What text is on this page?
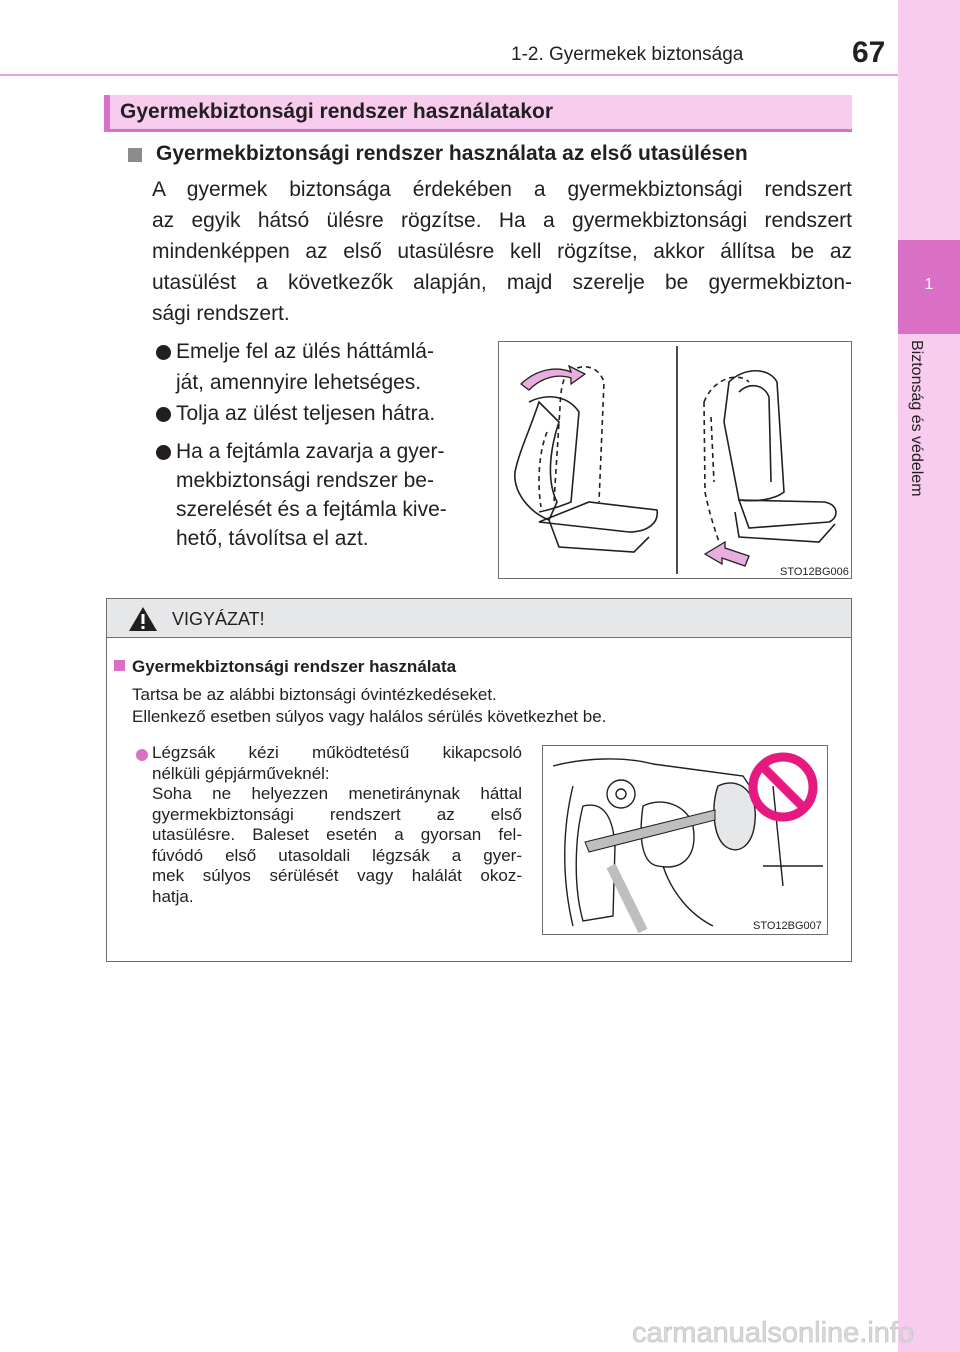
1-2. Gyermekek biztonsága	67
1
Biztonság és védelem
Gyermekbiztonsági rendszer használatakor
Gyermekbiztonsági rendszer használata az első utasülésen
A gyermek biztonsága érdekében a gyermekbiztonsági rendszert
az egyik hátsó ülésre rögzítse. Ha a gyermekbiztonsági rendszert
mindenképpen az első utasülésre kell rögzítse, akkor állítsa be az
utasülést a következők alapján, majd szerelje be gyermekbizton-
sági rendszert.
Emelje fel az ülés háttámlá-
ját, amennyire lehetséges.
Tolja az ülést teljesen hátra.
Ha a fejtámla zavarja a gyer-
mekbiztonsági rendszer be-
szerelését és a fejtámla kive-
hető, távolítsa el azt.
STO12BG006
VIGYÁZAT!
Gyermekbiztonsági rendszer használata
Tartsa be az alábbi biztonsági óvintézkedéseket.
Ellenkező esetben súlyos vagy halálos sérülés következhet be.
Légzsák kézi működtetésű kikapcsoló
nélküli gépjárműveknél:
Soha ne helyezzen menetiránynak háttal
gyermekbiztonsági rendszert az első
utasülésre. Baleset esetén a gyorsan fel-
fúvódó első utasoldali légzsák a gyer-
mek súlyos sérülését vagy halálát okoz-
hatja.
STO12BG007
carmanualsonline.info
